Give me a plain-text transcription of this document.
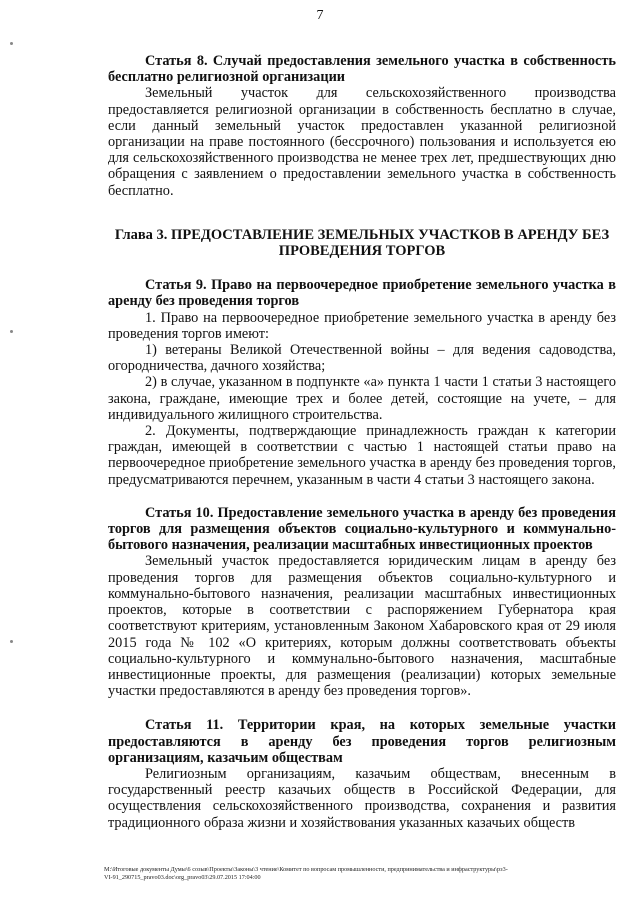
7

Статья 8. Случай предоставления земельного участка в собственность бесплатно религиозной организации

Земельный участок для сельскохозяйственного производства предоставляется религиозной организации в собственность бесплатно в случае, если данный земельный участок предоставлен указанной религиозной организации на праве постоянного (бессрочного) пользования и используется ею для сельскохозяйственного производства не менее трех лет, предшествующих дню обращения с заявлением о предоставлении земельного участка в собственность бесплатно.

Глава 3. ПРЕДОСТАВЛЕНИЕ ЗЕМЕЛЬНЫХ УЧАСТКОВ В АРЕНДУ БЕЗ
ПРОВЕДЕНИЯ ТОРГОВ

Статья 9. Право на первоочередное приобретение земельного участка в аренду без проведения торгов

1. Право на первоочередное приобретение земельного участка в аренду без проведения торгов имеют:

1) ветераны Великой Отечественной войны – для ведения садоводства, огородничества, дачного хозяйства;

2) в случае, указанном в подпункте «а» пункта 1 части 1 статьи 3 настоящего закона, граждане, имеющие трех и более детей, состоящие на учете, – для индивидуального жилищного строительства.

2. Документы, подтверждающие принадлежность граждан к категории граждан, имеющей в соответствии с частью 1 настоящей статьи право на первоочередное приобретение земельного участка в аренду без проведения торгов, предусматриваются перечнем, указанным в части 4 статьи 3 настоящего закона.

Статья 10. Предоставление земельного участка в аренду без проведения торгов для размещения объектов социально-культурного и коммунально-бытового назначения, реализации масштабных инвестиционных проектов

Земельный участок предоставляется юридическим лицам в аренду без проведения торгов для размещения объектов социально-культурного и коммунально-бытового назначения, реализации масштабных инвестиционных проектов, которые в соответствии с распоряжением Губернатора края соответствуют критериям, установленным Законом Хабаровского края от 29 июля 2015 года № 102 «О критериях, которым должны соответствовать объекты социально-культурного и коммунально-бытового назначения, масштабные инвестиционные проекты, для размещения (реализации) которых земельные участки предоставляются в аренду без проведения торгов».

Статья 11. Территории края, на которых земельные участки предоставляются в аренду без проведения торгов религиозным организациям, казачьим обществам

Религиозным организациям, казачьим обществам, внесенным в государственный реестр казачьих обществ в Российской Федерации, для осуществления сельскохозяйственного производства, сохранения и развития традиционного образа жизни и хозяйствования указанных казачьих обществ

M:\Итоговые документы Думы\6 созыв\Проекты\Законы\3 чтение\Комитет по вопросам промышленности, предпринимательства и инфраструктуры\рз3-
VI-91_290715_pravo03.doc\org_pravo03\29.07.2015 17:04:00
